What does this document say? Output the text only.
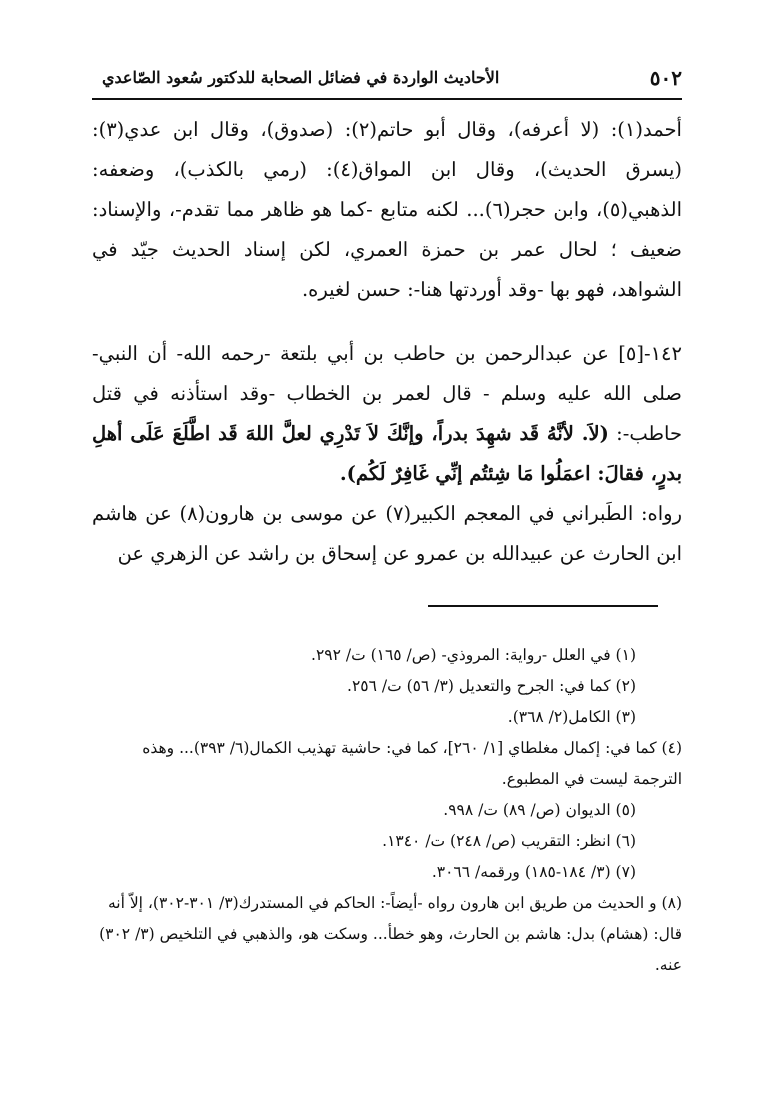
٥٠٢
الأحاديث الواردة في فضائل الصحابة للدكتور سُعود الصّاعدي

أحمد(١): (لا أعرفه)، وقال أبو حاتم(٢): (صدوق)، وقال ابن عدي(٣): (يسرق الحديث)، وقال ابن المواق(٤): (رمي بالكذب)، وضعفه: الذهبي(٥)، وابن حجر(٦)... لكنه متابع -كما هو ظاهر مما تقدم-، والإسناد: ضعيف ؛ لحال عمر بن حمزة العمري، لكن إسناد الحديث جيّد في الشواهد، فهو بها -وقد أوردتها هنا-: حسن لغيره.

١٤٢-[٥] عن عبدالرحمن بن حاطب بن أبي بلتعة -رحمه الله- أن النبي- صلى الله عليه وسلم - قال لعمر بن الخطاب -وقد استأذنه في قتل حاطب-: (لاَ. لأنَّهُ قَد شهِدَ بدراً، وإنَّكَ لاَ تَدْرِي لعلَّ اللهَ قَد اطَّلَعَ عَلَى أهلِ بدرٍ، فقالَ: اعمَلُوا مَا شِئتُم إنِّي غَافِرٌ لَكُم).

رواه: الطَبراني في المعجم الكبير(٧) عن موسى بن هارون(٨) عن هاشم ابن الحارث عن عبيدالله بن عمرو عن إسحاق بن راشد عن الزهري عن

(١) في العلل -رواية: المروذي- (ص/ ١٦٥) ت/ ٢٩٢.

(٢) كما في: الجرح والتعديل (٣/ ٥٦) ت/ ٢٥٦.

(٣) الكامل(٢/ ٣٦٨).

(٤) كما في: إكمال مغلطاي [١/ ٢٦٠]، كما في: حاشية تهذيب الكمال(٦/ ٣٩٣)... وهذه الترجمة ليست في المطبوع.

(٥) الديوان (ص/ ٨٩) ت/ ٩٩٨.

(٦) انظر: التقريب (ص/ ٢٤٨) ت/ ١٣٤٠.

(٧) (٣/ ١٨٤-١٨٥) ورقمه/ ٣٠٦٦.

(٨) و الحديث من طريق ابن هارون رواه -أيضاً-: الحاكم في المستدرك(٣/ ٣٠١-٣٠٢)، إلاّ أنه قال: (هشام) بدل: هاشم بن الحارث، وهو خطأ... وسكت هو، والذهبي في التلخيص (٣/ ٣٠٢) عنه.
